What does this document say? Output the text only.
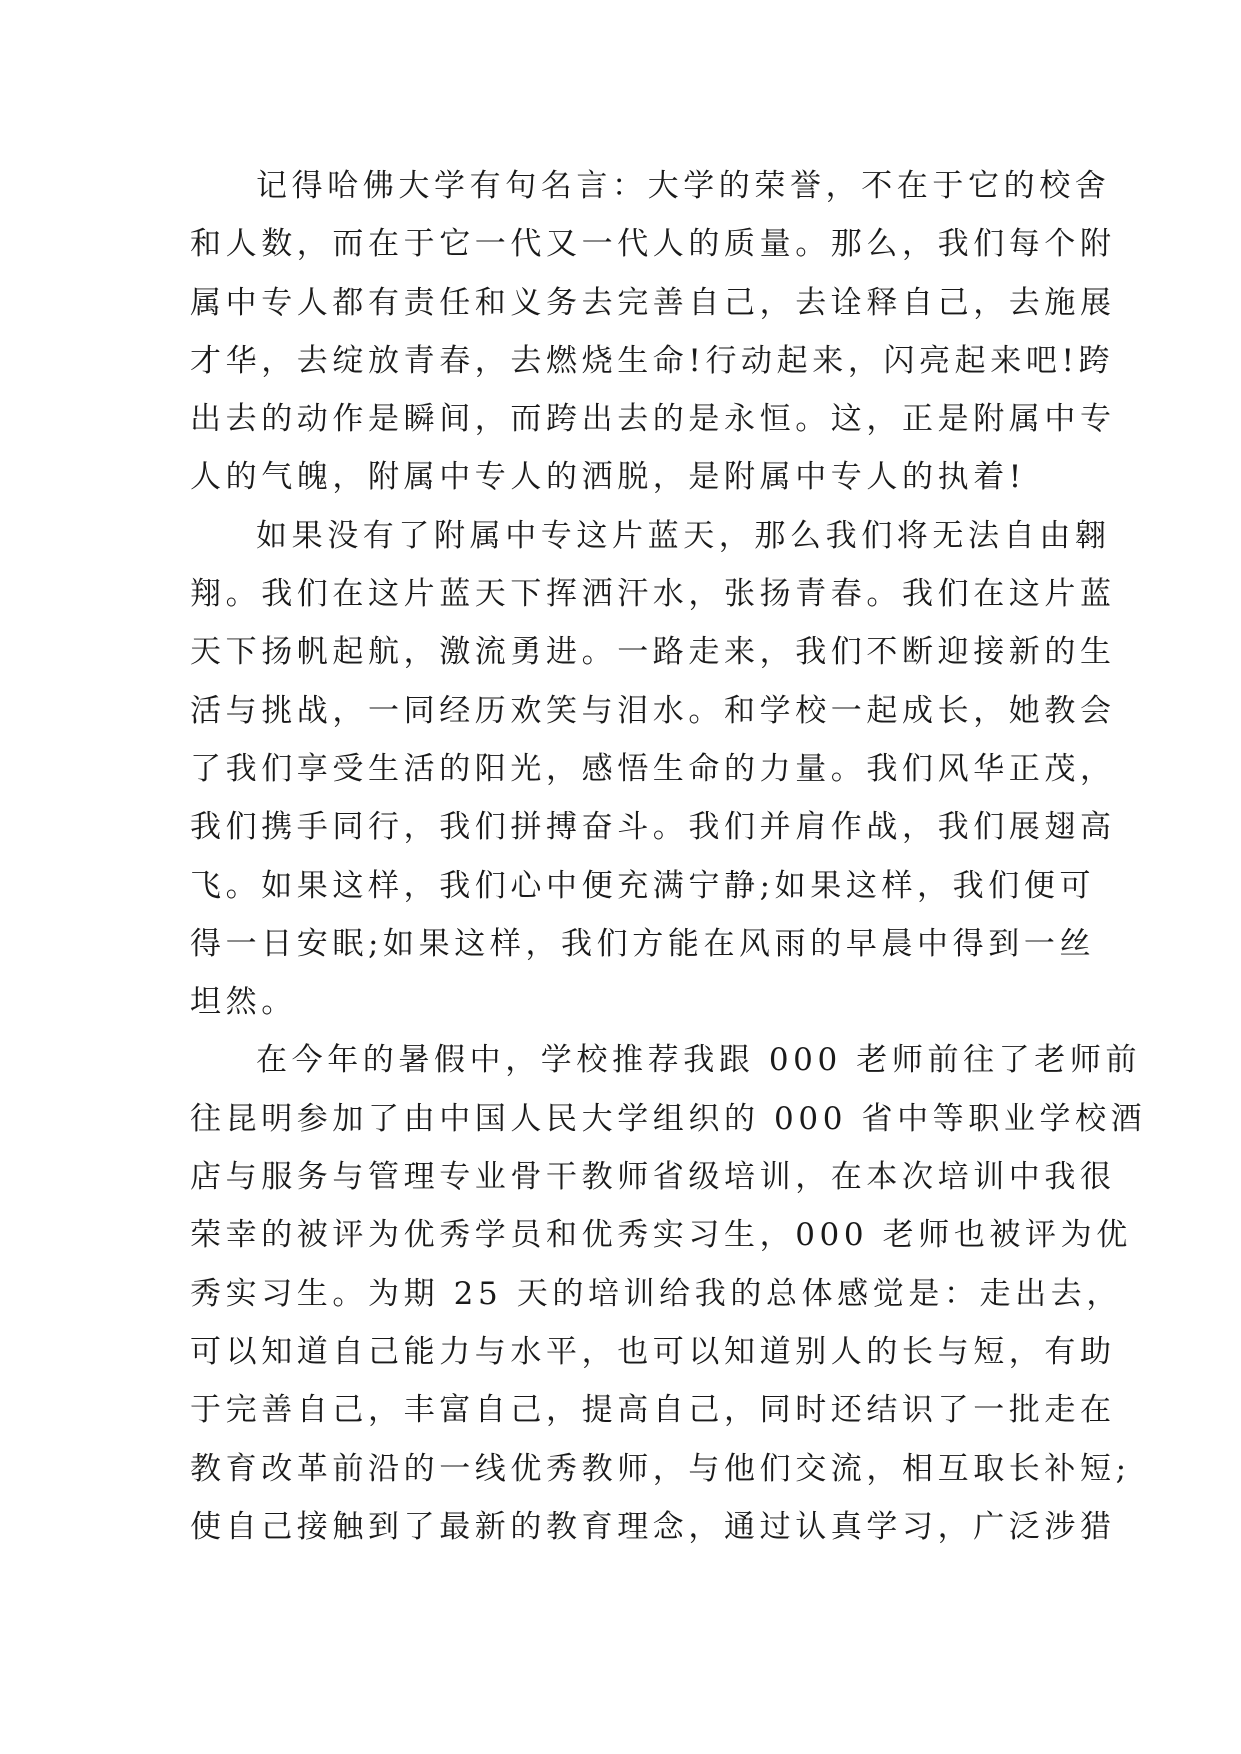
记得哈佛大学有句名言：大学的荣誉，不在于它的校舍
和人数，而在于它一代又一代人的质量。那么，我们每个附
属中专人都有责任和义务去完善自己，去诠释自己，去施展
才华，去绽放青春，去燃烧生命!行动起来，闪亮起来吧!跨
出去的动作是瞬间，而跨出去的是永恒。这，正是附属中专
人的气魄，附属中专人的洒脱，是附属中专人的执着!
如果没有了附属中专这片蓝天，那么我们将无法自由翱
翔。我们在这片蓝天下挥洒汗水，张扬青春。我们在这片蓝
天下扬帆起航，激流勇进。一路走来，我们不断迎接新的生
活与挑战，一同经历欢笑与泪水。和学校一起成长，她教会
了我们享受生活的阳光，感悟生命的力量。我们风华正茂，
我们携手同行，我们拼搏奋斗。我们并肩作战，我们展翅高
飞。如果这样，我们心中便充满宁静;如果这样，我们便可
得一日安眠;如果这样，我们方能在风雨的早晨中得到一丝
坦然。
在今年的暑假中，学校推荐我跟 000 老师前往了老师前
往昆明参加了由中国人民大学组织的 000 省中等职业学校酒
店与服务与管理专业骨干教师省级培训，在本次培训中我很
荣幸的被评为优秀学员和优秀实习生，000 老师也被评为优
秀实习生。为期 25 天的培训给我的总体感觉是：走出去，
可以知道自己能力与水平，也可以知道别人的长与短，有助
于完善自己，丰富自己，提高自己，同时还结识了一批走在
教育改革前沿的一线优秀教师，与他们交流，相互取长补短;
使自己接触到了最新的教育理念，通过认真学习，广泛涉猎
